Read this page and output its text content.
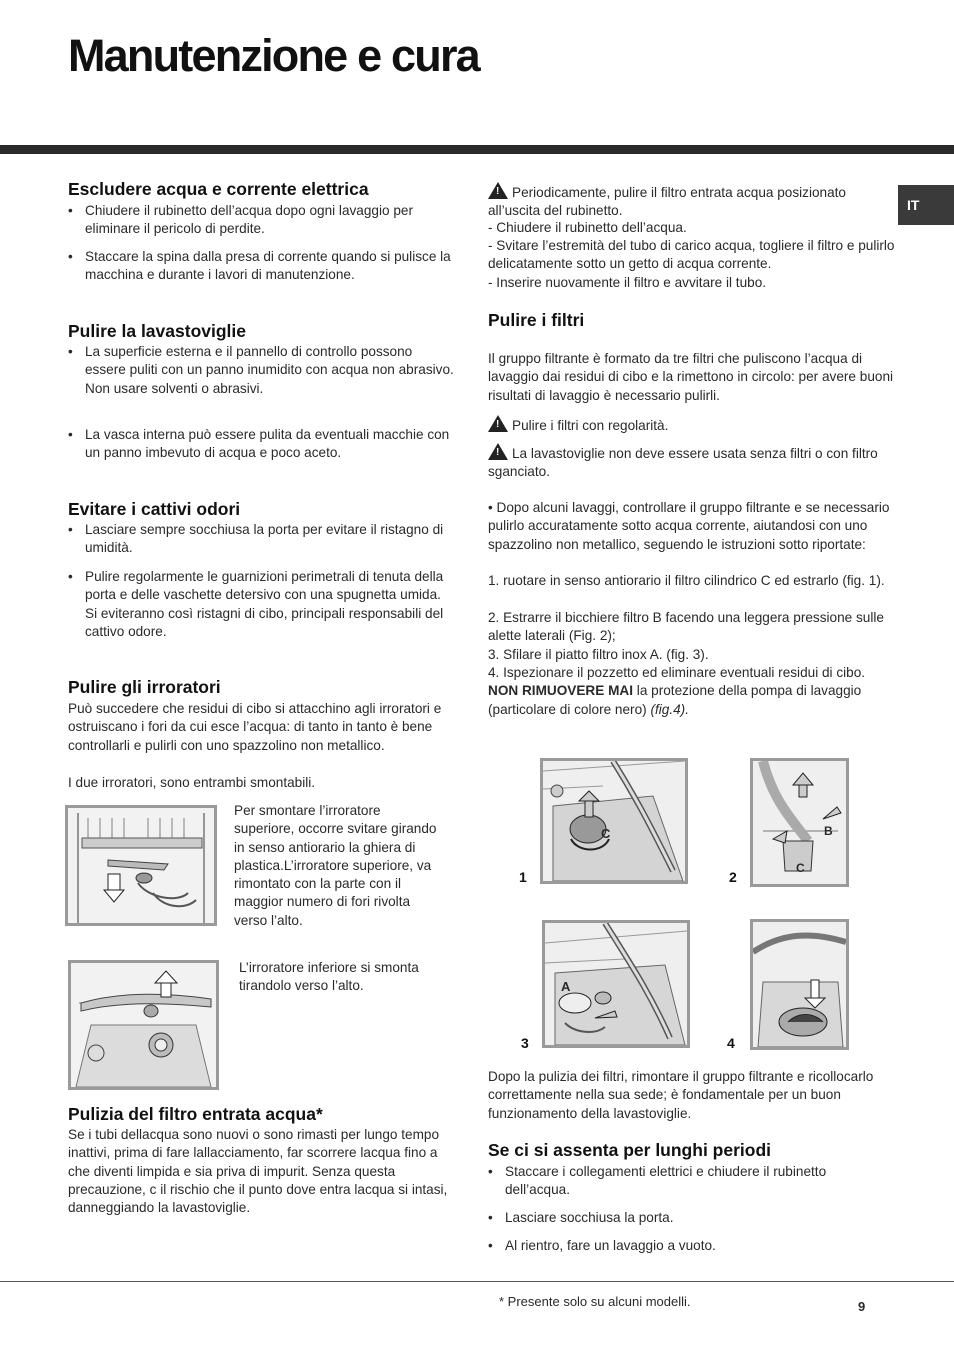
Manutenzione e cura
IT
Escludere acqua e corrente elettrica
• Chiudere il rubinetto dell’acqua dopo ogni lavaggio per eliminare il pericolo di perdite.
• Staccare la spina dalla presa di corrente quando si pulisce la macchina e durante i lavori di manutenzione.
Pulire la lavastoviglie
• La superficie esterna e il pannello di controllo possono essere puliti con un panno inumidito con acqua non abrasivo. Non usare solventi o abrasivi.
• La vasca interna può essere pulita da eventuali macchie con un panno imbevuto di acqua e poco aceto.
Evitare i cattivi odori
• Lasciare sempre socchiusa la porta per evitare il ristagno di umidità.
• Pulire regolarmente le guarnizioni perimetrali di tenuta della porta e delle vaschette detersivo con una spugnetta umida. Si eviteranno così ristagni di cibo, principali responsabili del cattivo odore.
Pulire gli irroratori

Può succedere che residui di cibo si attacchino agli irroratori e ostruiscano i fori da cui esce l’acqua: di tanto in tanto è bene controllarli e pulirli con uno spazzolino non metallico.

I due irroratori, sono entrambi smontabili.

Per smontare l’irroratore superiore, occorre svitare girando in senso antiorario la ghiera di plastica.L’irroratore superiore, va rimontato con la parte con il maggior numero di fori rivolta verso l’alto.

L’irroratore inferiore si smonta tirandolo verso l’alto.

Pulizia del filtro entrata acqua*

Se i tubi dellacqua sono nuovi o sono rimasti per lungo tempo inattivi, prima di fare lallacciamento, far scorrere lacqua fino a che diventi limpida e sia priva di impurit. Senza questa precauzione, c il rischio che il punto dove entra lacqua si intasi, danneggiando la lavastoviglie.

!Periodicamente, pulire il filtro entrata acqua posizionato all’uscita del rubinetto.

- Chiudere il rubinetto dell’acqua.

- Svitare l’estremità del tubo di carico acqua, togliere il filtro e pulirlo delicatamente sotto un getto di acqua corrente.

- Inserire nuovamente il filtro e avvitare il tubo.

Pulire i filtri

Il gruppo filtrante è formato da tre filtri che puliscono l’acqua di lavaggio dai residui di cibo e la rimettono in circolo: per avere buoni risultati di lavaggio è necessario pulirli.

!Pulire i filtri con regolarità.

!La lavastoviglie non deve essere usata senza filtri o con filtro sganciato.

• Dopo alcuni lavaggi, controllare il gruppo filtrante e se necessario pulirlo accuratamente sotto acqua corrente, aiutandosi con uno spazzolino non metallico, seguendo le istruzioni sotto riportate:

1. ruotare in senso antiorario il filtro cilindrico C ed estrarlo (fig. 1).

2. Estrarre il bicchiere filtro B facendo una leggera pressione sulle alette laterali (Fig. 2);

3. Sfilare il piatto filtro inox A. (fig. 3).

4. Ispezionare il pozzetto ed eliminare eventuali residui di cibo. NON RIMUOVERE MAI la protezione della pompa di lavaggio (particolare di colore nero) (fig.4).

C	B
C
1	2
A
3	4

Dopo la pulizia dei filtri, rimontare il gruppo filtrante e ricollocarlo correttamente nella sua sede; è fondamentale per un buon funzionamento della lavastoviglie.

Se ci si assenta per lunghi periodi
• Staccare i collegamenti elettrici e chiudere il rubinetto dell’acqua.
• Lasciare socchiusa la porta.
• Al rientro, fare un lavaggio a vuoto.
* Presente solo su alcuni modelli.	9
